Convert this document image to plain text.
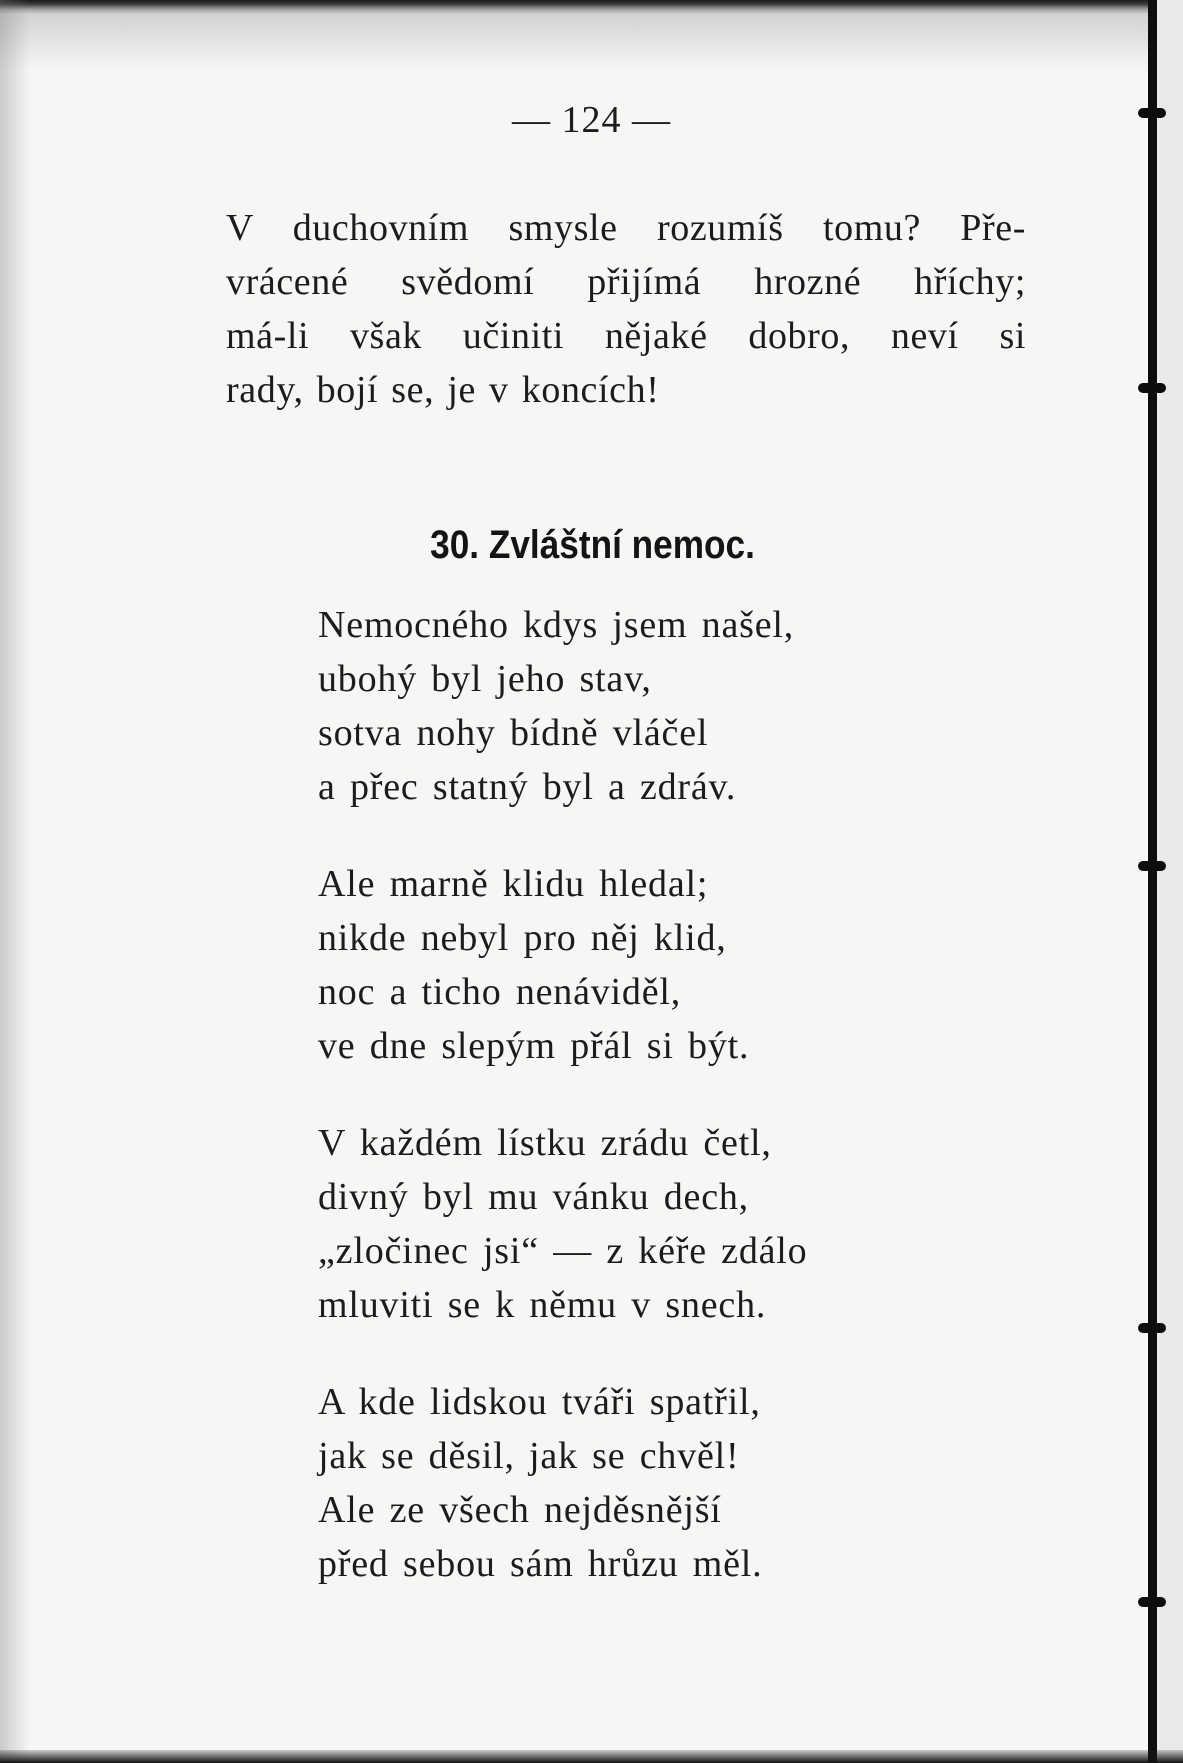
— 124 —
V duchovním smysle rozumíš tomu? Pře-
vrácené svědomí přijímá hrozné hříchy;
má-li však učiniti nějaké dobro, neví si
rady, bojí se, je v koncích!
30. Zvláštní nemoc.
Nemocného kdys jsem našel,
ubohý byl jeho stav,
sotva nohy bídně vláčel
a přec statný byl a zdráv.
Ale marně klidu hledal;
nikde nebyl pro něj klid,
noc a ticho nenáviděl,
ve dne slepým přál si být.
V každém lístku zrádu četl,
divný byl mu vánku dech,
„zločinec jsi“ — z kéře zdálo
mluviti se k němu v snech.
A kde lidskou tváři spatřil,
jak se děsil, jak se chvěl!
Ale ze všech nejděsnější
před sebou sám hrůzu měl.
